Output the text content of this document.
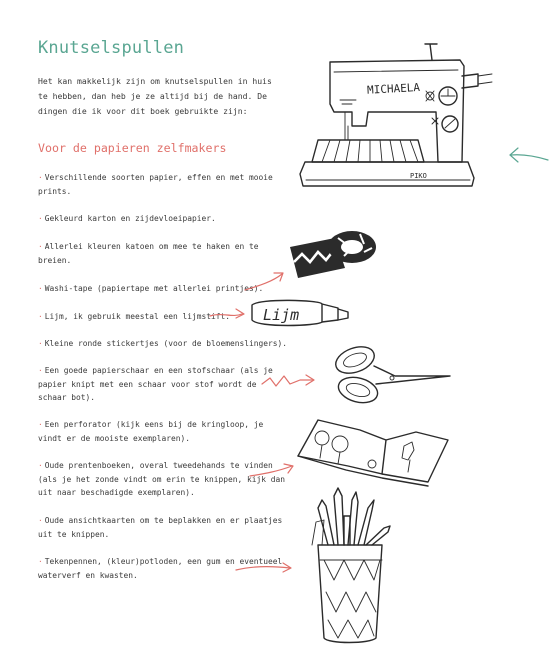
Knutselspullen

Het kan makkelijk zijn om knutselspullen in huis te hebben, dan heb je ze altijd bij de hand. De dingen die ik voor dit boek gebruikte zijn:

Voor de papieren zelfmakers

· Verschillende soorten papier, effen en met mooie prints.

· Gekleurd karton en zijdevloeipapier.

· Allerlei kleuren katoen om mee te haken en te breien.

· Washi-tape (papiertape met allerlei printjes).

· Lijm, ik gebruik meestal een lijmstift.

· Kleine ronde stickertjes (voor de bloemenslingers).

· Een goede papierschaar en een stofschaar (als je papier knipt met een schaar voor stof wordt de schaar bot).

· Een perforator (kijk eens bij de kringloop, je vindt er de mooiste exemplaren).

· Oude prentenboeken, overal tweedehands te vinden (als je het zonde vindt om erin te knippen, kijk dan uit naar beschadigde exemplaren).

· Oude ansichtkaarten om te beplakken en er plaatjes uit te knippen.

· Tekenpennen, (kleur)potloden, een gum en eventueel waterverf en kwasten.

MICHAELA
PIKO
Lijm
